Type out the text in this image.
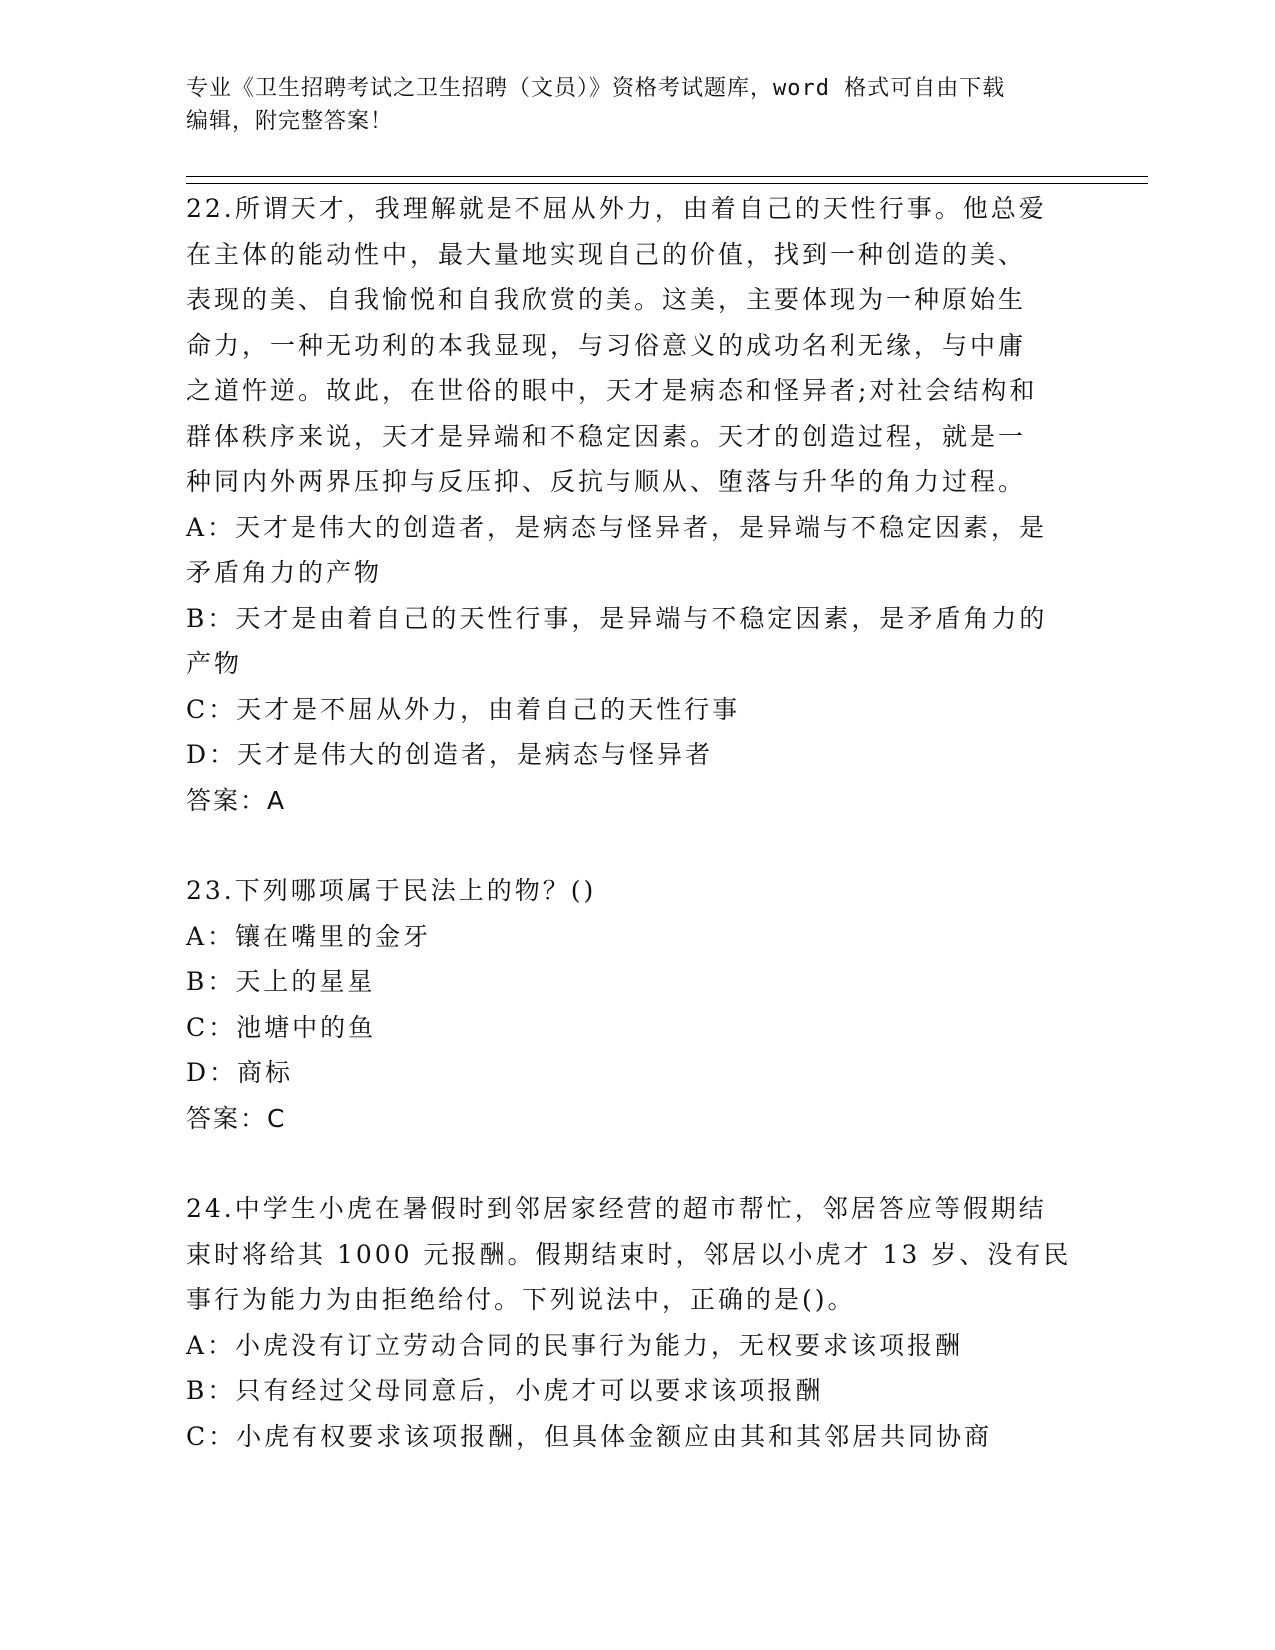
专业《卫生招聘考试之卫生招聘（文员）》资格考试题库，word 格式可自由下载
编辑，附完整答案！
22.所谓天才，我理解就是不屈从外力，由着自己的天性行事。他总爱
在主体的能动性中，最大量地实现自己的价值，找到一种创造的美、
表现的美、自我愉悦和自我欣赏的美。这美，主要体现为一种原始生
命力，一种无功利的本我显现，与习俗意义的成功名利无缘，与中庸
之道忤逆。故此，在世俗的眼中，天才是病态和怪异者;对社会结构和
群体秩序来说，天才是异端和不稳定因素。天才的创造过程，就是一
种同内外两界压抑与反压抑、反抗与顺从、堕落与升华的角力过程。
A：天才是伟大的创造者，是病态与怪异者，是异端与不稳定因素，是
矛盾角力的产物
B：天才是由着自己的天性行事，是异端与不稳定因素，是矛盾角力的
产物
C：天才是不屈从外力，由着自己的天性行事
D：天才是伟大的创造者，是病态与怪异者
答案：A
23.下列哪项属于民法上的物？()
A：镶在嘴里的金牙
B：天上的星星
C：池塘中的鱼
D：商标
答案：C
24.中学生小虎在暑假时到邻居家经营的超市帮忙，邻居答应等假期结
束时将给其 1000 元报酬。假期结束时，邻居以小虎才 13 岁、没有民
事行为能力为由拒绝给付。下列说法中，正确的是()。
A：小虎没有订立劳动合同的民事行为能力，无权要求该项报酬
B：只有经过父母同意后，小虎才可以要求该项报酬
C：小虎有权要求该项报酬，但具体金额应由其和其邻居共同协商
